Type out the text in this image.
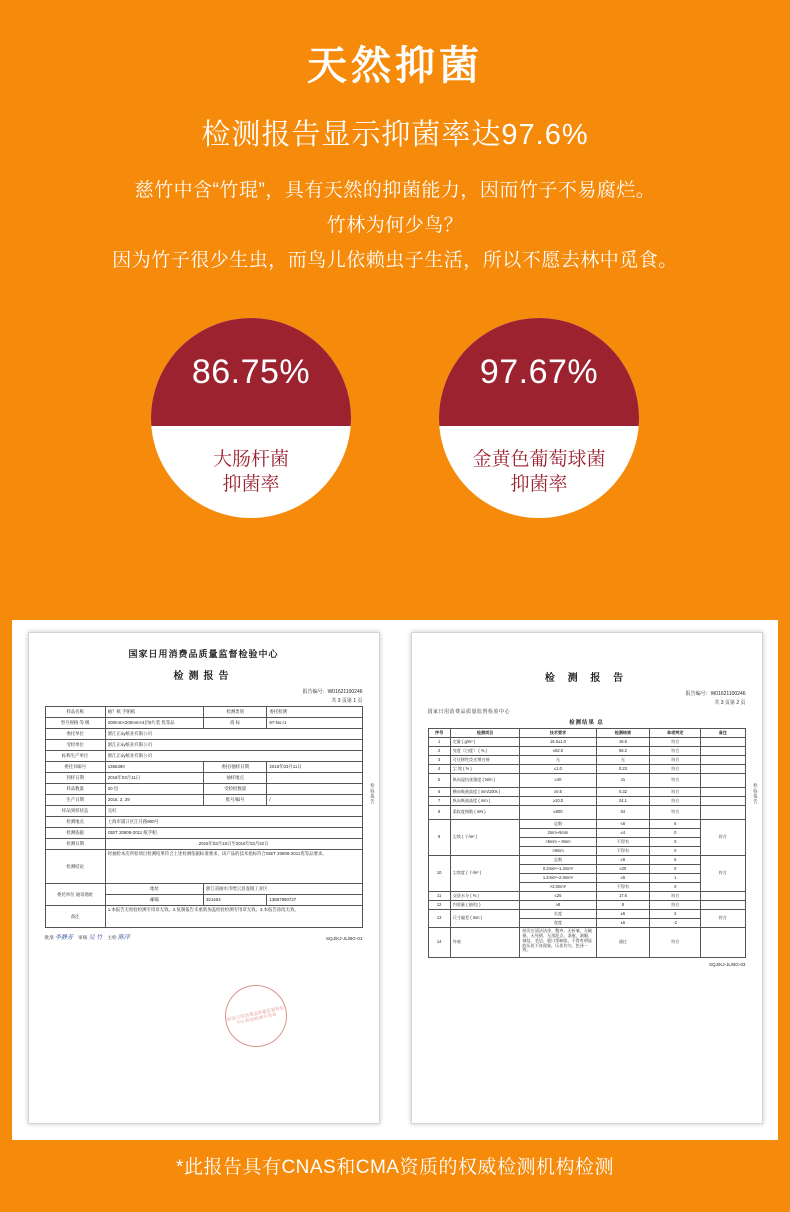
天然抑菌
检测报告显示抑菌率达97.6%
慈竹中含“竹琨”，具有天然的抑菌能力，因而竹子不易腐烂。
竹林为何少鸟？
因为竹子很少生虫，而鸟儿依赖虫子生活，所以不愿去林中觅食。
86.75%
大肠杆菌
抑菌率
97.67%
金黄色葡萄球菌
抑菌率
国家日用消费品质量监督检验中心
检测报告
报告编号：W01621100246
共 3 页第 1 页
样品名称	抽？纸 手帕纸	检测类别	委托检测
型号规格 等 级	200mm×200mm×4层8片装 优等品	商 标	87-No.r1
委托单位	浙江正úy纸业有限公司		
受检单位	浙江正úy纸业有限公司		
标称生产单位	浙江正úy纸业有限公司		
委托书编号	1365390	委托/抽样日期	2016年03月11日
到样日期	2016年03月11日	抽样地点	
样品数量	20 包	受检批数量	
生产日期	2016. 2. 29	批号/编号	/
样品到样状态	完好		
检测地点	上海市浦口区江月路900号		
检测依据	GB/T 20808-2011 纸手帕		
检测日期	2016年03月15日至2016年03月22日		
检测结论	经抽检本次所检项目检测结果符合上述检测依据标准要求，该产品的技术指标符合GB/T 20808-2011优等品要求。		
委托单位 通讯地址	地址	浙江省丽水市缙云县壶镇工业区	
	邮编	321404	13867890727
备注	1.本报告无检验检测专用章无效。2.复制报告未重新加盖检验检测专用章无效。3.本报告涂改无效。		
国家日用消费品质量监督检验中心检验检测专用章
批准 李静芳 审核 吴 竹 主检 陈萍	SQJ/KJ-JL/BG-01
检验报告
检 测 报 告
报告编号：W01621100246
共 3 页第 2 页
国家日用消费品质量监督检验中心
检测结果 总
序号	检测项目	技术要求	检测结果	单项判定	备注
1	定量 ( g/m² )	16.0±1.0	16.5	符合	
2	亮度（白度） ( % )	≤82.0	68.2	符合	
3	可迁移性荧光增白剂	无	无	符合	
4	尘 埃 ( % )	≤1.0	0.23	符合	
5	纵向湿抗张强度 ( N/m )	≥40	41	符合	
6	横向吸液高度 ( mm/100s )	≥0.5	0.32	符合	
7	纵向吸液高度 ( mm )	≥10.0	24.1	符合	
8	柔软度指数 ( mN )	≤800	04	符合	
9	尘埃 ( 个/m² )	总数	≤6	6	符合
		2mm~5mm	≤4	0	
		>5mm ~ 8mm	不得有	0	
		>8mm	不得有	0	
10	尘埃度 ( 个/m² )	总数	≤6	6	符合
		0.2mm²~1.2mm²	≤20	0	
		1.2mm²~2.0mm²	≤5	1	
		>2.0mm²	不得有	0	
11	交货水分 ( % )	≤25	17.6	符合	
12	内装量 ( 抽/包 )	≥8	8	符合	
13	尺寸偏差 ( mm )	长度	±5	2	符合
		宽度	±5	-2	
14	外观	纸页应清洁洁净、整齐、无折皱、无破损、无死褶、无黑泥点、条痕、洞眼、皱纹、毛边、裂口等缺陷，不得有明显的压花不良现象，压花均匀，色泽一致。	通过	符合	
SQJ/KJ-JL/BG-03
检验报告
*此报告具有CNAS和CMA资质的权威检测机构检测
